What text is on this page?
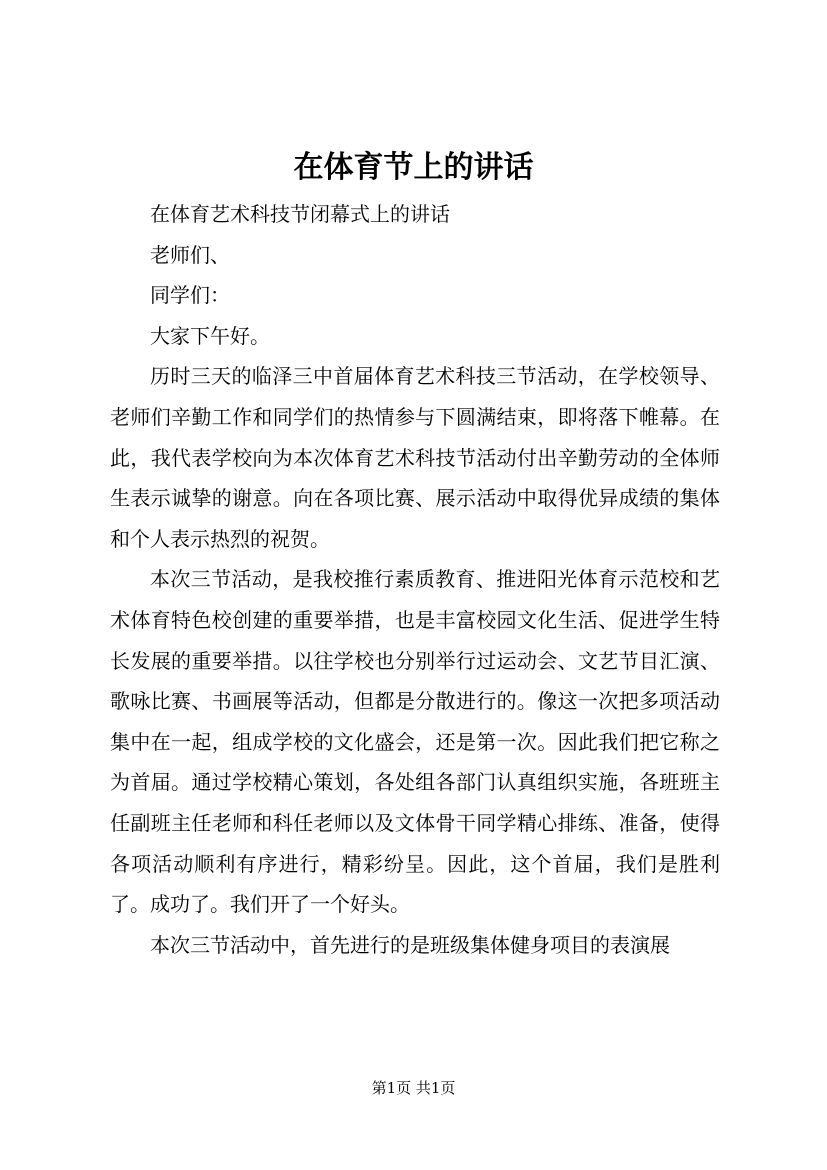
在体育节上的讲话

在体育艺术科技节闭幕式上的讲话

老师们、

同学们：

大家下午好。

历时三天的临泽三中首届体育艺术科技三节活动，在学校领导、老师们辛勤工作和同学们的热情参与下圆满结束，即将落下帷幕。在此，我代表学校向为本次体育艺术科技节活动付出辛勤劳动的全体师生表示诚挚的谢意。向在各项比赛、展示活动中取得优异成绩的集体和个人表示热烈的祝贺。

本次三节活动，是我校推行素质教育、推进阳光体育示范校和艺术体育特色校创建的重要举措，也是丰富校园文化生活、促进学生特长发展的重要举措。以往学校也分别举行过运动会、文艺节目汇演、歌咏比赛、书画展等活动，但都是分散进行的。像这一次把多项活动集中在一起，组成学校的文化盛会，还是第一次。因此我们把它称之为首届。通过学校精心策划，各处组各部门认真组织实施，各班班主任副班主任老师和科任老师以及文体骨干同学精心排练、准备，使得各项活动顺利有序进行，精彩纷呈。因此，这个首届，我们是胜利了。成功了。我们开了一个好头。

本次三节活动中，首先进行的是班级集体健身项目的表演展

第1页 共1页
